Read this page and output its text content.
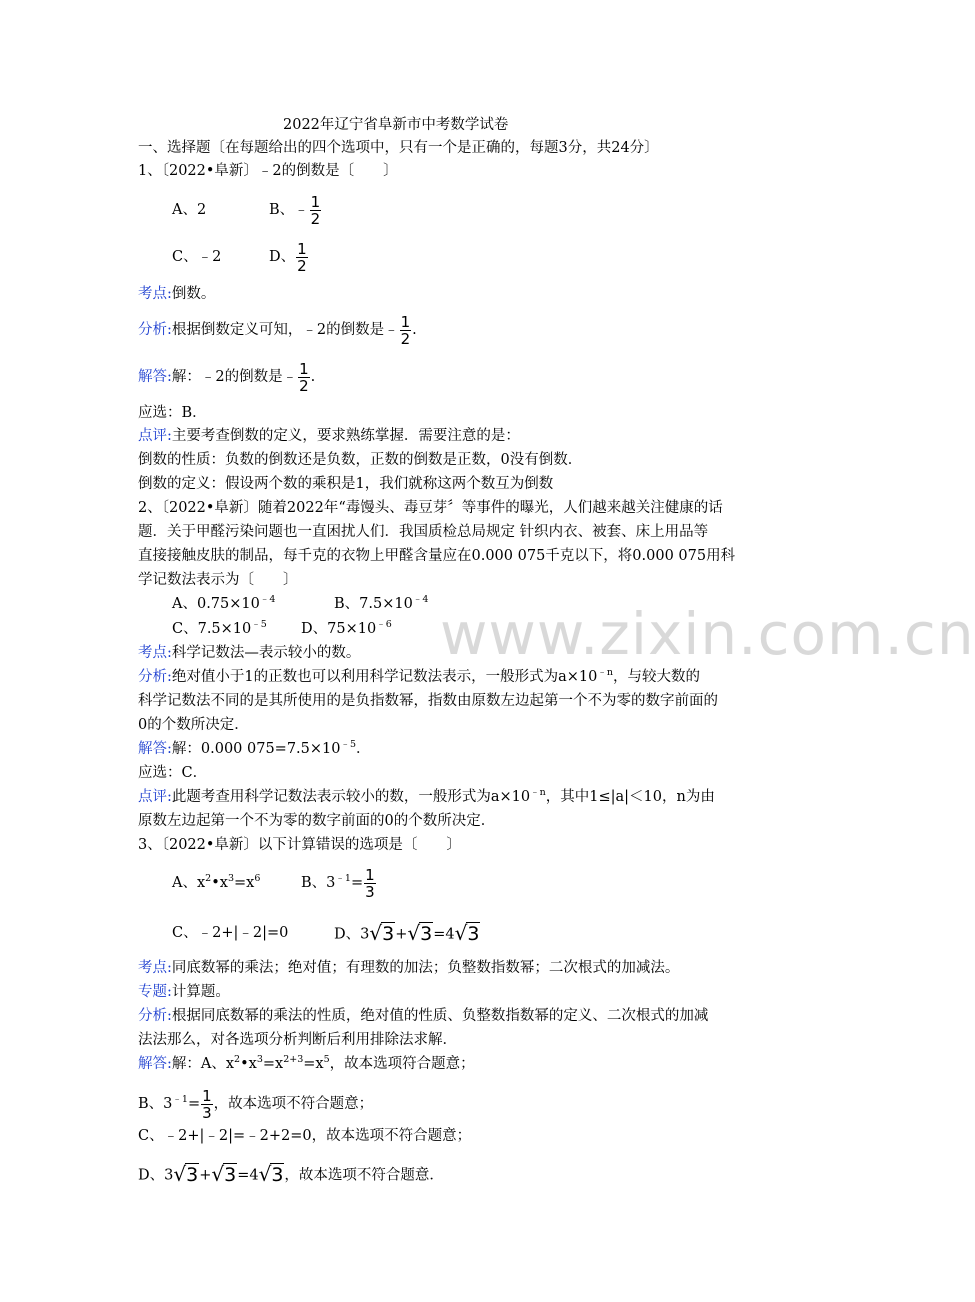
www.zixin.com.cn
2022年辽宁省阜新市中考数学试卷
一、选择题〔在每题给出的四个选项中，只有一个是正确的，每题3分，共24分〕
1、〔2022•阜新〕﹣2的倒数是〔　　〕
A、2	B、﹣ $\frac{1}{2}$
C、﹣2	D、 $\frac{1}{2}$
考点:倒数。
分析:根据倒数定义可知，﹣2的倒数是﹣ $\frac{1}{2}$ .
解答:解：﹣2的倒数是﹣ $\frac{1}{2}$ .
应选：B．
点评:主要考查倒数的定义，要求熟练掌握．需要注意的是：
倒数的性质：负数的倒数还是负数，正数的倒数是正数，0没有倒数．
倒数的定义：假设两个数的乘积是1，我们就称这两个数互为倒数
2、〔2022•阜新〕随着2022年“毒馒头、毒豆芽〞等事件的曝光，人们越来越关注健康的话
题．关于甲醛污染问题也一直困扰人们．我国质检总局规定 针织内衣、被套、床上用品等
直接接触皮肤的制品，每千克的衣物上甲醛含量应在0.000 075千克以下，将0.000 075用科
学记数法表示为〔　　〕
A、$0.75\times 10^{﹣4}$	B、$7.5\times 10^{﹣4}$
C、$7.5\times 10^{﹣5}$ D、$75\times 10^{﹣6}$
考点:科学记数法—表示较小的数。
分析:绝对值小于1的正数也可以利用科学记数法表示，一般形式为$a\times 10^{﹣n}$，与较大数的
科学记数法不同的是其所使用的是负指数幂，指数由原数左边起第一个不为零的数字前面的
0的个数所决定．
解答:解：0.000 $075=7.5\times 10^{﹣5}$．
应选：C．
点评:此题考查用科学记数法表示较小的数，一般形式为$a\times 10^{﹣n}$，其中1≤|a|＜10，n为由
原数左边起第一个不为零的数字前面的0的个数所决定．
3、〔2022•阜新〕以下计算错误的选项是〔　　〕
A、$x^2•x^3=x^6$	B、$3^{﹣1}= \frac{1}{3}$
C、﹣2+|﹣2|=0	D、3√3+√3=4√3
考点:同底数幂的乘法；绝对值；有理数的加法；负整数指数幂；二次根式的加减法。
专题:计算题。
分析:根据同底数幂的乘法的性质，绝对值的性质、负整数指数幂的定义、二次根式的加减
法法那么，对各选项分析判断后利用排除法求解．
解答:解：A、$x^2•x^3=x^{2+3}=x^5$，故本选项符合题意；
B、$3^{﹣1}= \frac{1}{3}$ ，故本选项不符合题意；
C、﹣2+|﹣2|=﹣2+2=0，故本选项不符合题意；
D、3√3+√3=4√3，故本选项不符合题意．
